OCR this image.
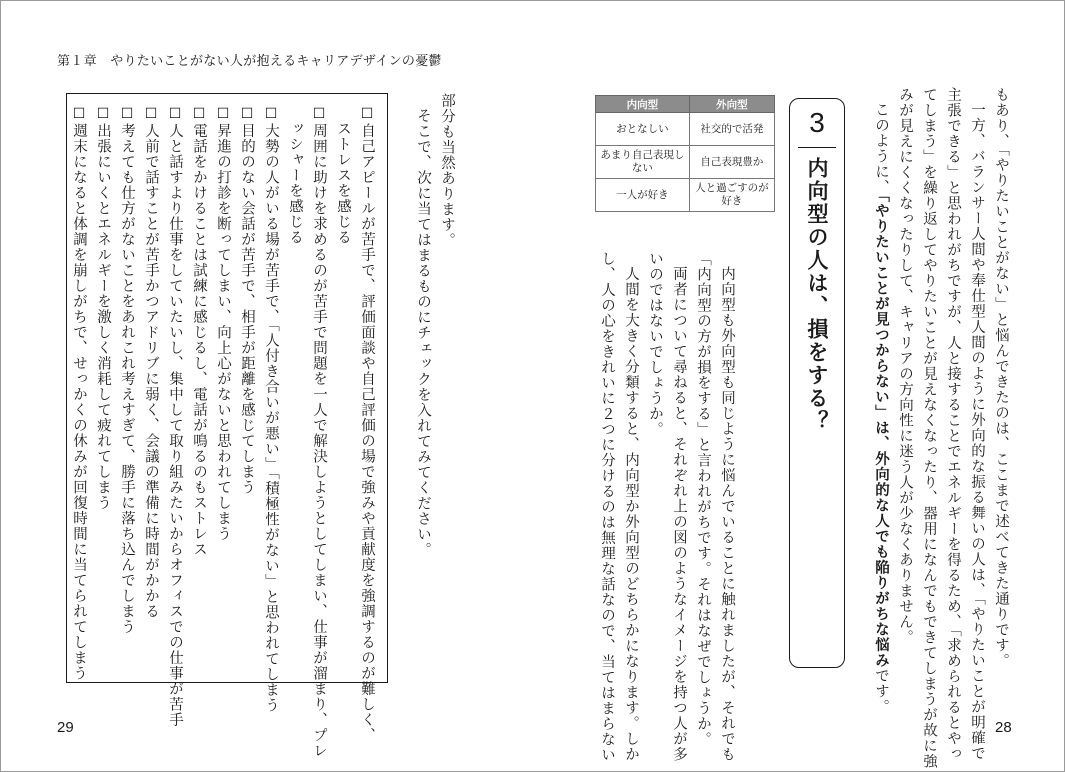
第１章　やりたいことがない人が抱えるキャリアデザインの憂鬱

もあり、「やりたいことがない」と悩んできたのは、ここまで述べてきた通りです。

一方、バランサー人間や奉仕型人間のように外向的な振る舞いの人は、「やりたいことが明確で

主張できる」と思われがちですが、人と接することでエネルギーを得るため、「求められるとやっ

てしまう」を繰り返してやりたいことが見えなくなったり、器用になんでもできてしまうが故に強

みが見えにくくなったりして、キャリアの方向性に迷う人が少なくありません。

このように、「やりたいことが見つからない」は、外向的な人でも陥りがちな悩みです。

3
内向型の人は、損をする？
内向型	外向型
おとなしい	社交的で活発
あまり自己表現しない	自己表現豊か
一人が好き	人と過ごすのが好き

内向型も外向型も同じように悩んでいることに触れましたが、それでも

「内向型の方が損をする」と言われがちです。それはなぜでしょうか。

両者について尋ねると、それぞれ上の図のようなイメージを持つ人が多

いのではないでしょうか。

人間を大きく分類すると、内向型か外向型のどちらかになります。しか

し、人の心をきれいに２つに分けるのは無理な話なので、当てはまらない

部分も当然あります。

そこで、次に当てはまるものにチェックを入れてみてください。

☐自己アピールが苦手で、評価面談や自己評価の場で強みや貢献度を強調するのが難しく、
ストレスを感じる
☐周囲に助けを求めるのが苦手で問題を一人で解決しようとしてしまい、仕事が溜まり、プレ
ッシャーを感じる
☐大勢の人がいる場が苦手で、「人付き合いが悪い」「積極性がない」と思われてしまう
☐目的のない会話が苦手で、相手が距離を感じてしまう
☐昇進の打診を断ってしまい、向上心がないと思われてしまう
☐電話をかけることは試練に感じるし、電話が鳴るのもストレス
☐人と話すより仕事をしていたいし、集中して取り組みたいからオフィスでの仕事が苦手
☐人前で話すことが苦手かつアドリブに弱く、会議の準備に時間がかかる
☐考えても仕方がないことをあれこれ考えすぎて、勝手に落ち込んでしまう
☐出張にいくとエネルギーを激しく消耗して疲れてしまう
☐週末になると体調を崩しがちで、せっかくの休みが回復時間に当てられてしまう
29	28
